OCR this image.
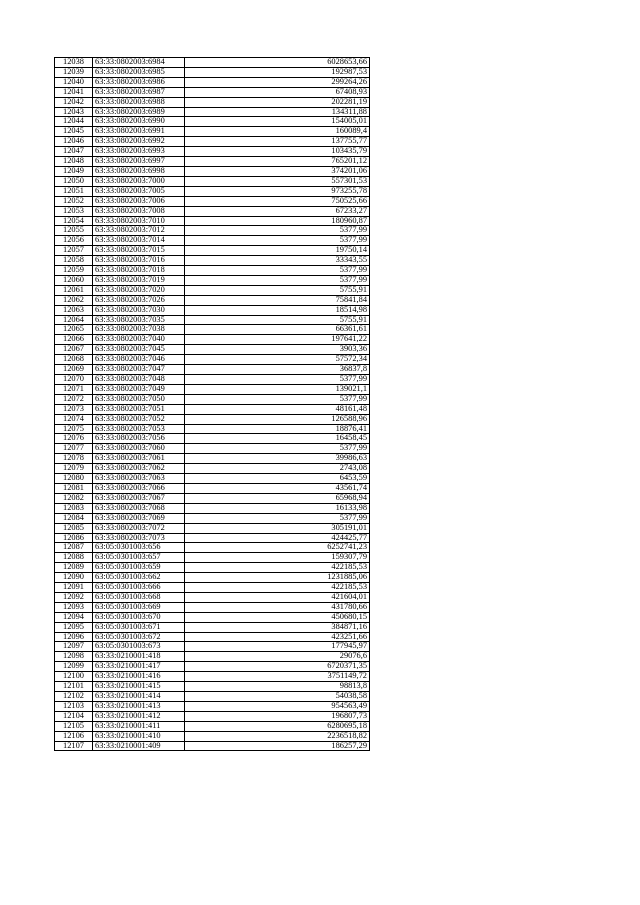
12038	63:33:0802003:6984	6028653,66
12039	63:33:0802003:6985	192987,53
12040	63:33:0802003:6986	299264,26
12041	63:33:0802003:6987	67408,93
12042	63:33:0802003:6988	202281,19
12043	63:33:0802003:6989	134311,88
12044	63:33:0802003:6990	154005,01
12045	63:33:0802003:6991	160089,4
12046	63:33:0802003:6992	137755,77
12047	63:33:0802003:6993	103435,79
12048	63:33:0802003:6997	765201,12
12049	63:33:0802003:6998	374201,06
12050	63:33:0802003:7000	557301,53
12051	63:33:0802003:7005	973255,78
12052	63:33:0802003:7006	750525,66
12053	63:33:0802003:7008	67233,27
12054	63:33:0802003:7010	180960,87
12055	63:33:0802003:7012	5377,99
12056	63:33:0802003:7014	5377,99
12057	63:33:0802003:7015	19750,14
12058	63:33:0802003:7016	33343,55
12059	63:33:0802003:7018	5377,99
12060	63:33:0802003:7019	5377,99
12061	63:33:0802003:7020	5755,91
12062	63:33:0802003:7026	75841,84
12063	63:33:0802003:7030	18514,98
12064	63:33:0802003:7035	5755,91
12065	63:33:0802003:7038	66361,61
12066	63:33:0802003:7040	197641,22
12067	63:33:0802003:7045	3903,36
12068	63:33:0802003:7046	57572,34
12069	63:33:0802003:7047	36837,8
12070	63:33:0802003:7048	5377,99
12071	63:33:0802003:7049	139021,1
12072	63:33:0802003:7050	5377,99
12073	63:33:0802003:7051	48161,48
12074	63:33:0802003:7052	126588,96
12075	63:33:0802003:7053	18876,41
12076	63:33:0802003:7056	16458,45
12077	63:33:0802003:7060	5377,99
12078	63:33:0802003:7061	39986,63
12079	63:33:0802003:7062	2743,08
12080	63:33:0802003:7063	6453,59
12081	63:33:0802003:7066	43561,74
12082	63:33:0802003:7067	65968,94
12083	63:33:0802003:7068	16133,98
12084	63:33:0802003:7069	5377,99
12085	63:33:0802003:7072	305191,01
12086	63:33:0802003:7073	424425,77
12087	63:05:0301003:656	6252741,23
12088	63:05:0301003:657	159307,79
12089	63:05:0301003:659	422185,53
12090	63:05:0301003:662	1231885,06
12091	63:05:0301003:666	422185,53
12092	63:05:0301003:668	421604,01
12093	63:05:0301003:669	431780,66
12094	63:05:0301003:670	450680,15
12095	63:05:0301003:671	384871,16
12096	63:05:0301003:672	423251,66
12097	63:05:0301003:673	177945,97
12098	63:33:0210001:418	29076,6
12099	63:33:0210001:417	6720371,35
12100	63:33:0210001:416	3751149,72
12101	63:33:0210001:415	98813,8
12102	63:33:0210001:414	54038,58
12103	63:33:0210001:413	954563,49
12104	63:33:0210001:412	196807,73
12105	63:33:0210001:411	6280695,18
12106	63:33:0210001:410	2236518,82
12107	63:33:0210001:409	186257,29
